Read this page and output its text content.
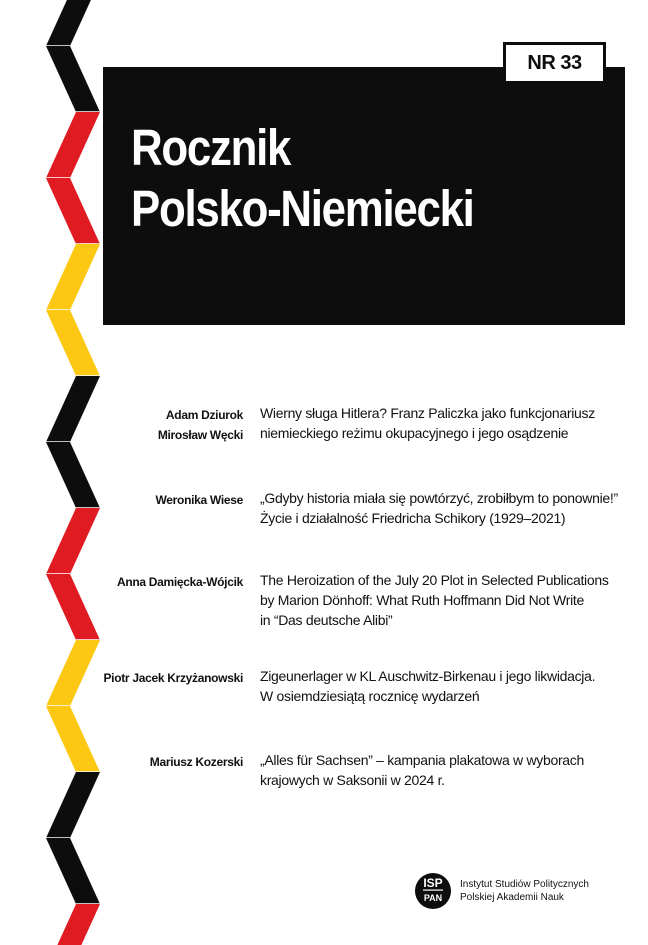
Rocznik
Polsko-Niemiecki
NR 33
Adam Dziurok
Mirosław Węcki
Wierny sługa Hitlera? Franz Paliczka jako funkcjonariusz
niemieckiego reżimu okupacyjnego i jego osądzenie
Weronika Wiese „Gdyby historia miała się powtórzyć, zrobiłbym to ponownie!”
Życie i działalność Friedricha Schikory (1929–2021)
Anna Damięcka-Wójcik The Heroization of the July 20 Plot in Selected Publications
by Marion Dönhoff: What Ruth Hoffmann Did Not Write
in “Das deutsche Alibi”
Piotr Jacek Krzyżanowski Zigeunerlager w KL Auschwitz-Birkenau i jego likwidacja.
W osiemdziesiątą rocznicę wydarzeń
Mariusz Kozerski „Alles für Sachsen” – kampania plakatowa w wyborach
krajowych w Saksonii w 2024 r.
ISP
PAN
Instytut Studiów Politycznych
Polskiej Akademii Nauk
